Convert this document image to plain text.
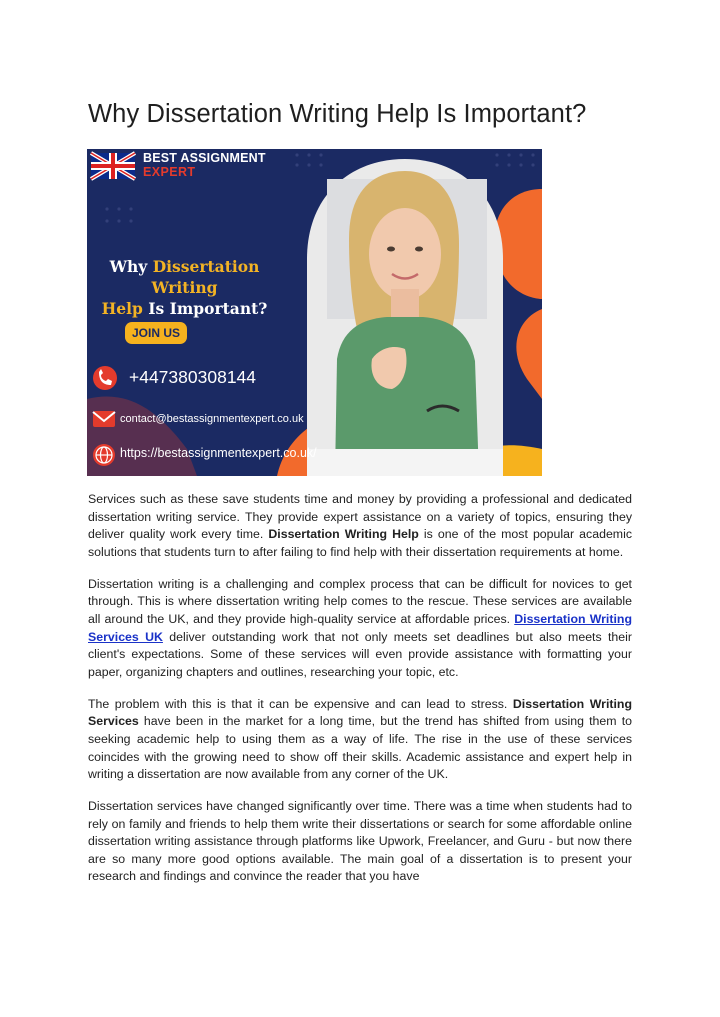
Why Dissertation Writing Help Is Important?
BEST ASSIGNMENT
EXPERT
Why Dissertation Writing
Help Is Important?
JOIN US
+447380308144
contact@bestassignmentexpert.co.uk
https://bestassignmentexpert.co.uk/

Services such as these save students time and money by providing a professional and dedicated dissertation writing service. They provide expert assistance on a variety of topics, ensuring they deliver quality work every time. Dissertation Writing Help is one of the most popular academic solutions that students turn to after failing to find help with their dissertation requirements at home.

Dissertation writing is a challenging and complex process that can be difficult for novices to get through. This is where dissertation writing help comes to the rescue. These services are available all around the UK, and they provide high-quality service at affordable prices. Dissertation Writing Services UK deliver outstanding work that not only meets set deadlines but also meets their client's expectations. Some of these services will even provide assistance with formatting your paper, organizing chapters and outlines, researching your topic, etc.

The problem with this is that it can be expensive and can lead to stress. Dissertation Writing Services have been in the market for a long time, but the trend has shifted from using them to seeking academic help to using them as a way of life. The rise in the use of these services coincides with the growing need to show off their skills. Academic assistance and expert help in writing a dissertation are now available from any corner of the UK.

Dissertation services have changed significantly over time. There was a time when students had to rely on family and friends to help them write their dissertations or search for some affordable online dissertation writing assistance through platforms like Upwork, Freelancer, and Guru - but now there are so many more good options available. The main goal of a dissertation is to present your research and findings and convince the reader that you have
